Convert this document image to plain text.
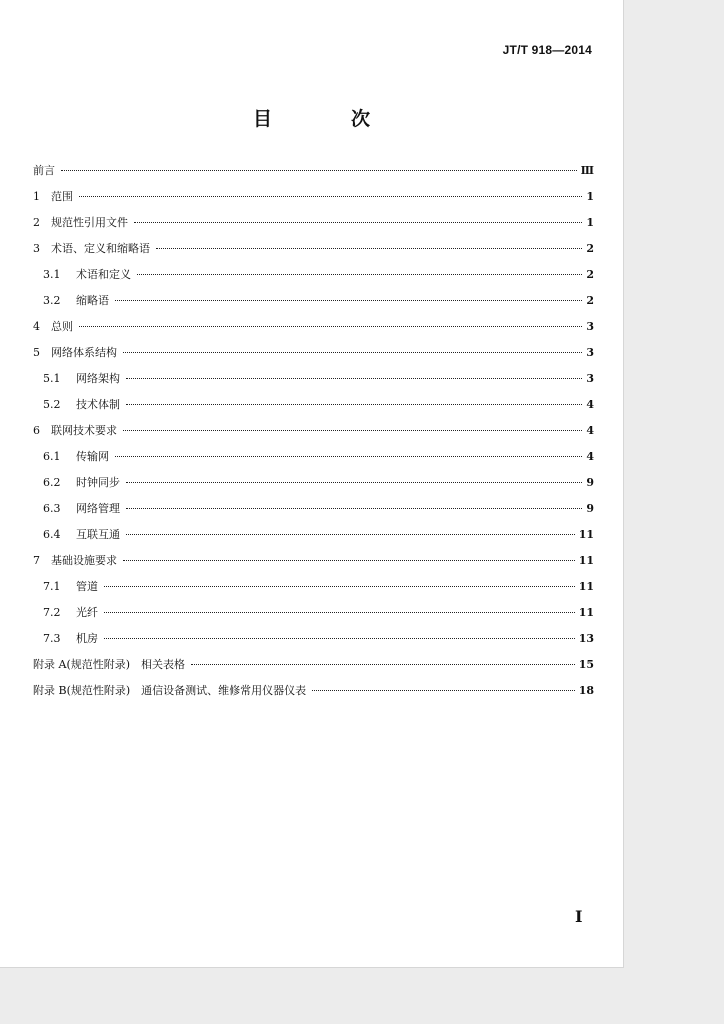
JT/T 918—2014
目　次
前言	Ⅲ
1	范围	1
2	规范性引用文件	1
3	术语、定义和缩略语	2
3.1	术语和定义	2
3.2	缩略语	2
4	总则	3
5	网络体系结构	3
5.1	网络架构	3
5.2	技术体制	4
6	联网技术要求	4
6.1	传输网	4
6.2	时钟同步	9
6.3	网络管理	9
6.4	互联互通	11
7	基础设施要求	11
7.1	管道	11
7.2	光纤	11
7.3	机房	13
附录 A(规范性附录)　相关表格	15
附录 B(规范性附录)　通信设备测试、维修常用仪器仪表	18
Ⅰ
